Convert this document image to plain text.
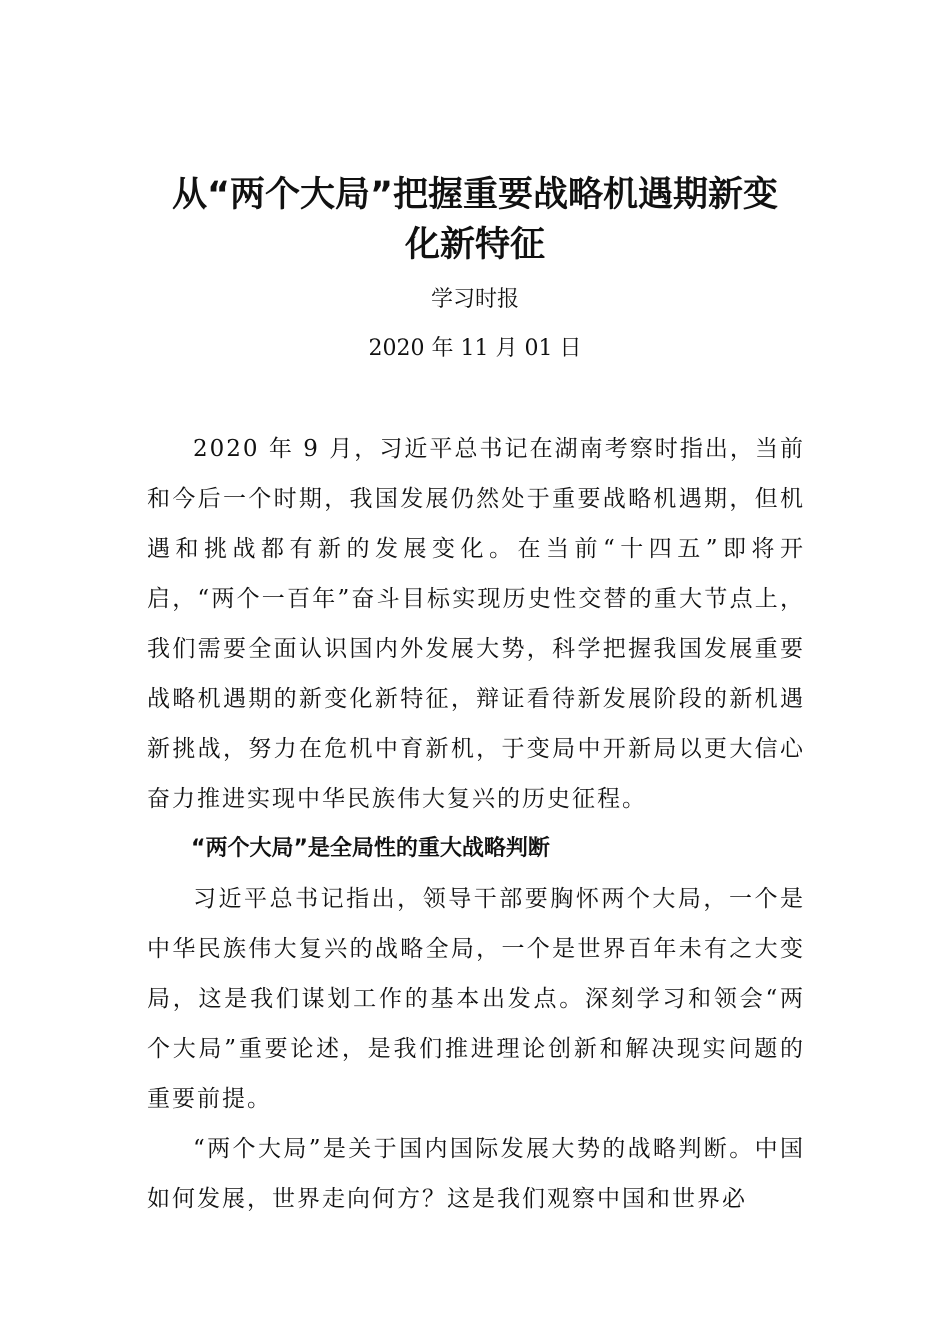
从“两个大局”把握重要战略机遇期新变
化新特征

学习时报

2020 年 11 月 01 日

2020 年 9 月，习近平总书记在湖南考察时指出，当前和今后一个时期，我国发展仍然处于重要战略机遇期，但机遇和挑战都有新的发展变化。在当前“十四五”即将开启，“两个一百年”奋斗目标实现历史性交替的重大节点上，我们需要全面认识国内外发展大势，科学把握我国发展重要战略机遇期的新变化新特征，辩证看待新发展阶段的新机遇新挑战，努力在危机中育新机，于变局中开新局以更大信心奋力推进实现中华民族伟大复兴的历史征程。

“两个大局”是全局性的重大战略判断

习近平总书记指出，领导干部要胸怀两个大局，一个是中华民族伟大复兴的战略全局，一个是世界百年未有之大变局，这是我们谋划工作的基本出发点。深刻学习和领会“两个大局”重要论述，是我们推进理论创新和解决现实问题的重要前提。

“两个大局”是关于国内国际发展大势的战略判断。中国如何发展，世界走向何方？这是我们观察中国和世界必
